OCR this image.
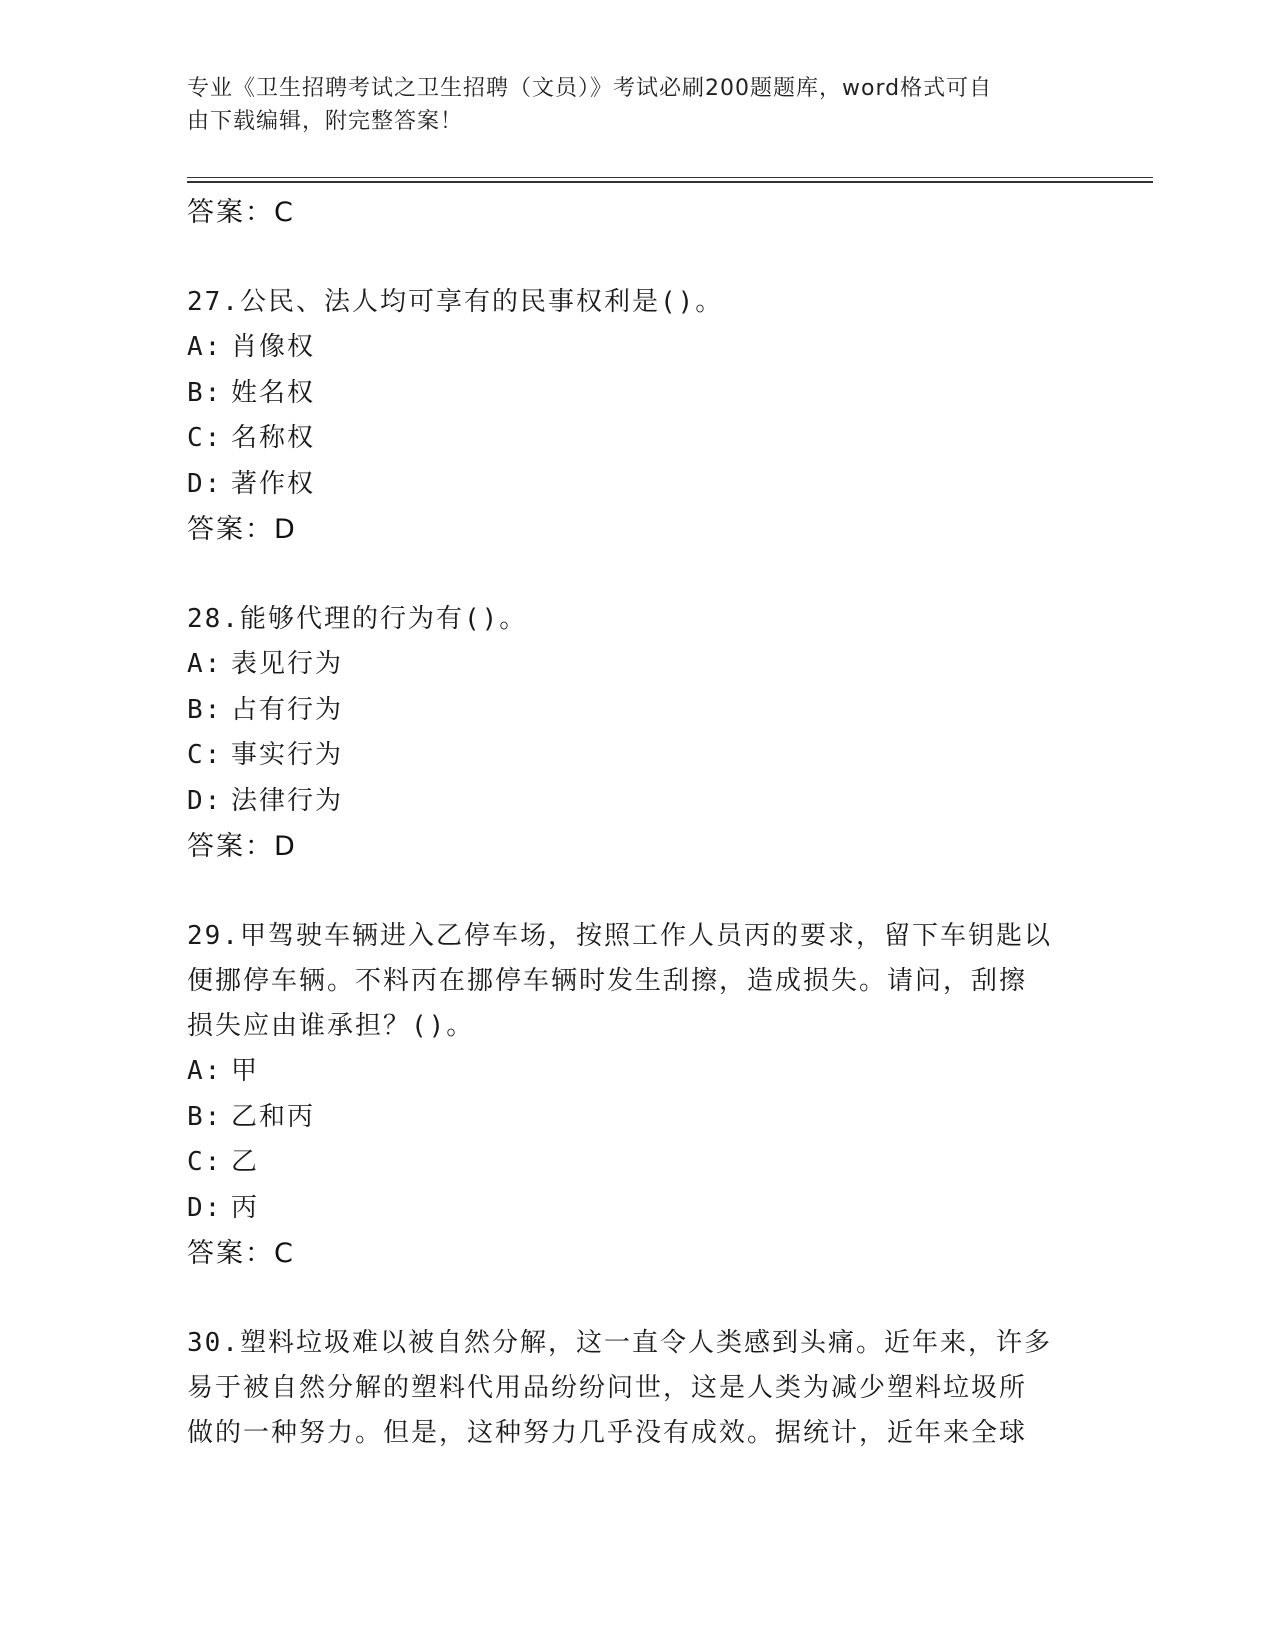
专业《卫生招聘考试之卫生招聘（文员）》考试必刷200题题库，word格式可自
由下载编辑，附完整答案！
答案：C
27.公民、法人均可享有的民事权利是()。
A: 肖像权
B: 姓名权
C: 名称权
D: 著作权
答案：D
28.能够代理的行为有()。
A: 表见行为
B: 占有行为
C: 事实行为
D: 法律行为
答案：D
29.甲驾驶车辆进入乙停车场，按照工作人员丙的要求，留下车钥匙以
便挪停车辆。不料丙在挪停车辆时发生刮擦，造成损失。请问，刮擦
损失应由谁承担？()。
A: 甲
B: 乙和丙
C: 乙
D: 丙
答案：C
30.塑料垃圾难以被自然分解，这一直令人类感到头痛。近年来，许多
易于被自然分解的塑料代用品纷纷问世，这是人类为减少塑料垃圾所
做的一种努力。但是，这种努力几乎没有成效。据统计，近年来全球
